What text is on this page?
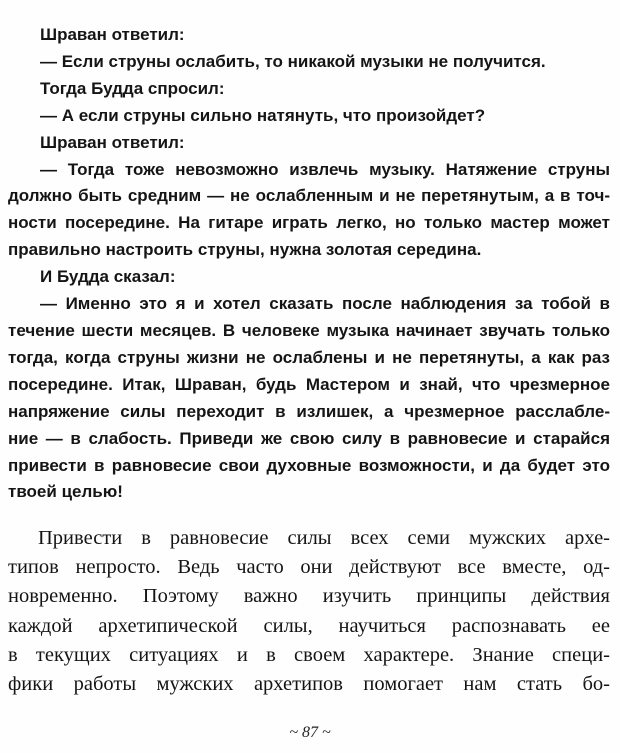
Шраван ответил:
— Если струны ослабить, то никакой музыки не получится.
Тогда Будда спросил:
— А если струны сильно натянуть, что произойдет?
Шраван ответил:
— Тогда тоже невозможно извлечь музыку. Натяжение струны
должно быть средним — не ослабленным и не перетянутым, а в точ-
ности посередине. На гитаре играть легко, но только мастер может
правильно настроить струны, нужна золотая середина.
И Будда сказал:
— Именно это я и хотел сказать после наблюдения за тобой в
течение шести месяцев. В человеке музыка начинает звучать только
тогда, когда струны жизни не ослаблены и не перетянуты, а как раз
посередине. Итак, Шраван, будь Мастером и знай, что чрезмерное
напряжение силы переходит в излишек, а чрезмерное расслабле-
ние — в слабость. Приведи же свою силу в равновесие и старайся
привести в равновесие свои духовные возможности, и да будет это
твоей целью!
Привести в равновесие силы всех семи мужских архе-
типов непросто. Ведь часто они действуют все вместе, од-
новременно. Поэтому важно изучить принципы действия
каждой архетипической силы, научиться распознавать ее
в текущих ситуациях и в своем характере. Знание специ-
фики работы мужских архетипов помогает нам стать бо-
~ 87 ~
